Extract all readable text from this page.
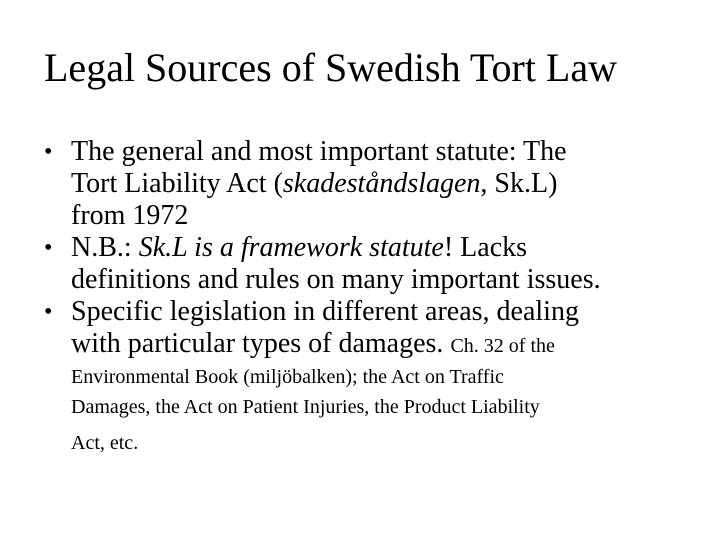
Legal Sources of Swedish Tort Law
• The general and most important statute: The
Tort Liability Act (skadeståndslagen, Sk.L)
from 1972
• N.B.: Sk.L is a framework statute! Lacks
definitions and rules on many important issues.
• Specific legislation in different areas, dealing
with particular types of damages. Ch. 32 of the
Environmental Book (miljöbalken); the Act on Traffic
Damages, the Act on Patient Injuries, the Product Liability
Act, etc.
